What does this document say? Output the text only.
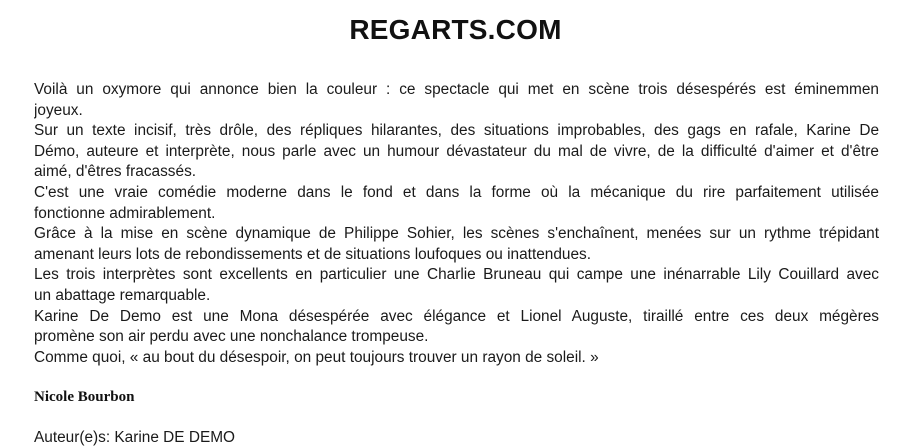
REGARTS.COM

Voilà un oxymore qui annonce bien la couleur : ce spectacle qui met en scène trois désespérés est éminemmen
joyeux.

Sur un texte incisif, très drôle, des répliques hilarantes, des situations improbables, des gags en rafale, Karine De
Démo, auteure et interprète, nous parle avec un humour dévastateur du mal de vivre, de la difficulté d'aimer et d'être
aimé, d'êtres fracassés.

C'est une vraie comédie moderne dans le fond et dans la forme où la mécanique du rire parfaitement utilisée
fonctionne admirablement.

Grâce à la mise en scène dynamique de Philippe Sohier, les scènes s'enchaînent, menées sur un rythme trépidant
amenant leurs lots de rebondissements et de situations loufoques ou inattendues.

Les trois interprètes sont excellents en particulier une Charlie Bruneau qui campe une inénarrable Lily Couillard avec
un abattage remarquable.

Karine De Demo est une Mona désespérée avec élégance et Lionel Auguste, tiraillé entre ces deux mégères
promène son air perdu avec une nonchalance trompeuse.

Comme quoi, « au bout du désespoir, on peut toujours trouver un rayon de soleil. »

Nicole Bourbon
Auteur(e)s: Karine DE DEMO
